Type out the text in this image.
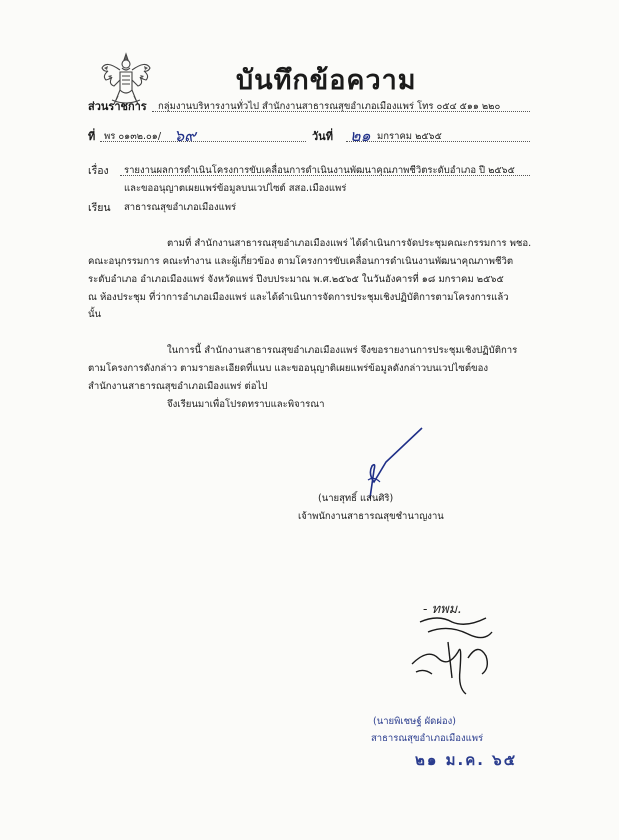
บันทึกข้อความ
ส่วนราชการ กลุ่มงานบริหารงานทั่วไป สำนักงานสาธารณสุขอำเภอเมืองแพร่ โทร ๐๕๔ ๕๑๑ ๒๒๐
ที่ พร ๐๑๓๒.๐๑/ ๖๙	วันที่ ๒๑ มกราคม ๒๕๖๕
เรื่อง รายงานผลการดำเนินโครงการขับเคลื่อนการดำเนินงานพัฒนาคุณภาพชีวิตระดับอำเภอ ปี ๒๕๖๕
และขออนุญาตเผยแพร่ข้อมูลบนเวปไซต์ สสอ.เมืองแพร่
เรียน สาธารณสุขอำเภอเมืองแพร่
ตามที่ สำนักงานสาธารณสุขอำเภอเมืองแพร่ ได้ดำเนินการจัดประชุมคณะกรรมการ พชอ.
คณะอนุกรรมการ คณะทำงาน และผู้เกี่ยวข้อง ตามโครงการขับเคลื่อนการดำเนินงานพัฒนาคุณภาพชีวิต
ระดับอำเภอ อำเภอเมืองแพร่ จังหวัดแพร่ ปีงบประมาณ พ.ศ.๒๕๖๕ ในวันอังคารที่ ๑๘ มกราคม ๒๕๖๕
ณ ห้องประชุม ที่ว่าการอำเภอเมืองแพร่ และได้ดำเนินการจัดการประชุมเชิงปฏิบัติการตามโครงการแล้ว
นั้น
ในการนี้ สำนักงานสาธารณสุขอำเภอเมืองแพร่ จึงขอรายงานการประชุมเชิงปฏิบัติการ
ตามโครงการดังกล่าว ตามรายละเอียดที่แนบ และขออนุญาติเผยแพร่ข้อมูลดังกล่าวบนเวปไซต์ของ
สำนักงานสาธารณสุขอำเภอเมืองแพร่ ต่อไป
จึงเรียนมาเพื่อโปรดทราบและพิจารณา
(นายสุทธิ์ แสนศิริ)
เจ้าพนักงานสาธารณสุขชำนาญงาน
- ทพม.
(นายพิเชษฐ์ ผัดผ่อง)
สาธารณสุขอำเภอเมืองแพร่
๒๑ ม.ค. ๖๕
